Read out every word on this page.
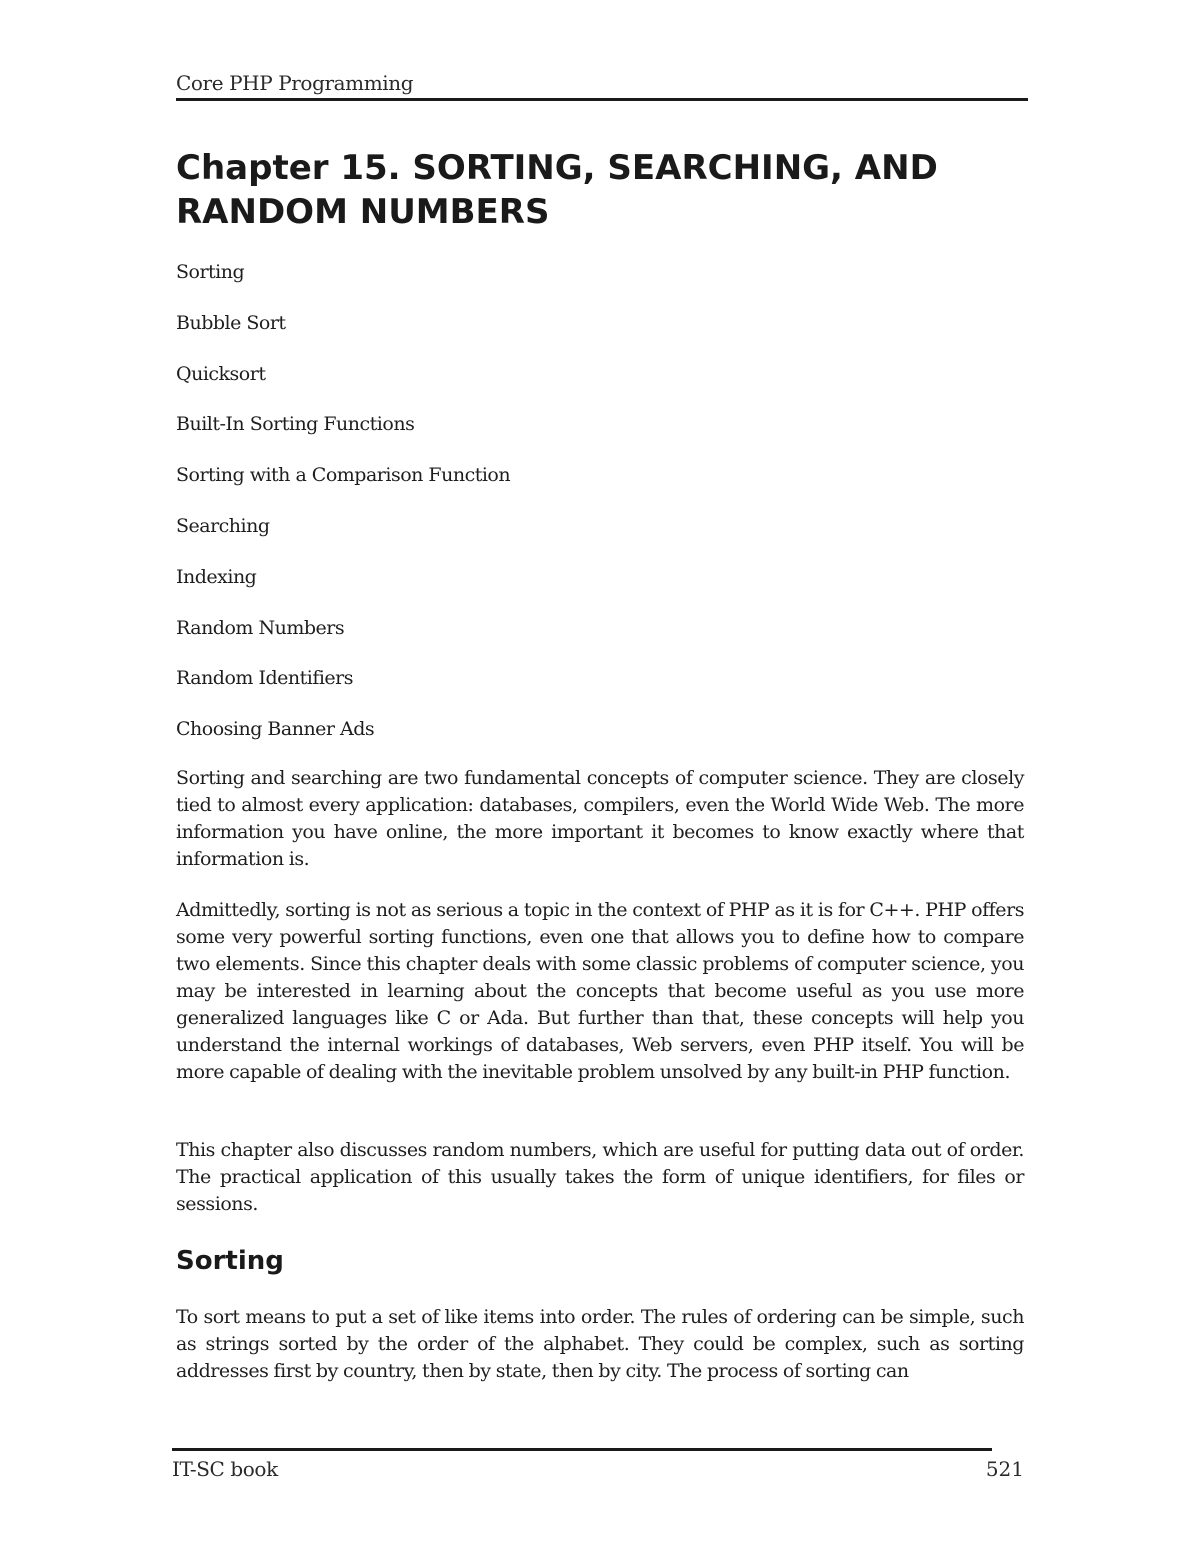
Core PHP Programming
Chapter 15. SORTING, SEARCHING, AND RANDOM NUMBERS
Sorting
Bubble Sort
Quicksort
Built-In Sorting Functions
Sorting with a Comparison Function
Searching
Indexing
Random Numbers
Random Identifiers
Choosing Banner Ads

Sorting and searching are two fundamental concepts of computer science. They are closely tied to almost every application: databases, compilers, even the World Wide Web. The more information you have online, the more important it becomes to know exactly where that information is.

Admittedly, sorting is not as serious a topic in the context of PHP as it is for C++. PHP offers some very powerful sorting functions, even one that allows you to define how to compare two elements. Since this chapter deals with some classic problems of computer science, you may be interested in learning about the concepts that become useful as you use more generalized languages like C or Ada. But further than that, these concepts will help you understand the internal workings of databases, Web servers, even PHP itself. You will be more capable of dealing with the inevitable problem unsolved by any built-in PHP function.

This chapter also discusses random numbers, which are useful for putting data out of order. The practical application of this usually takes the form of unique identifiers, for files or sessions.

Sorting

To sort means to put a set of like items into order. The rules of ordering can be simple, such as strings sorted by the order of the alphabet. They could be complex, such as sorting addresses first by country, then by state, then by city. The process of sorting can

IT-SC book	521
